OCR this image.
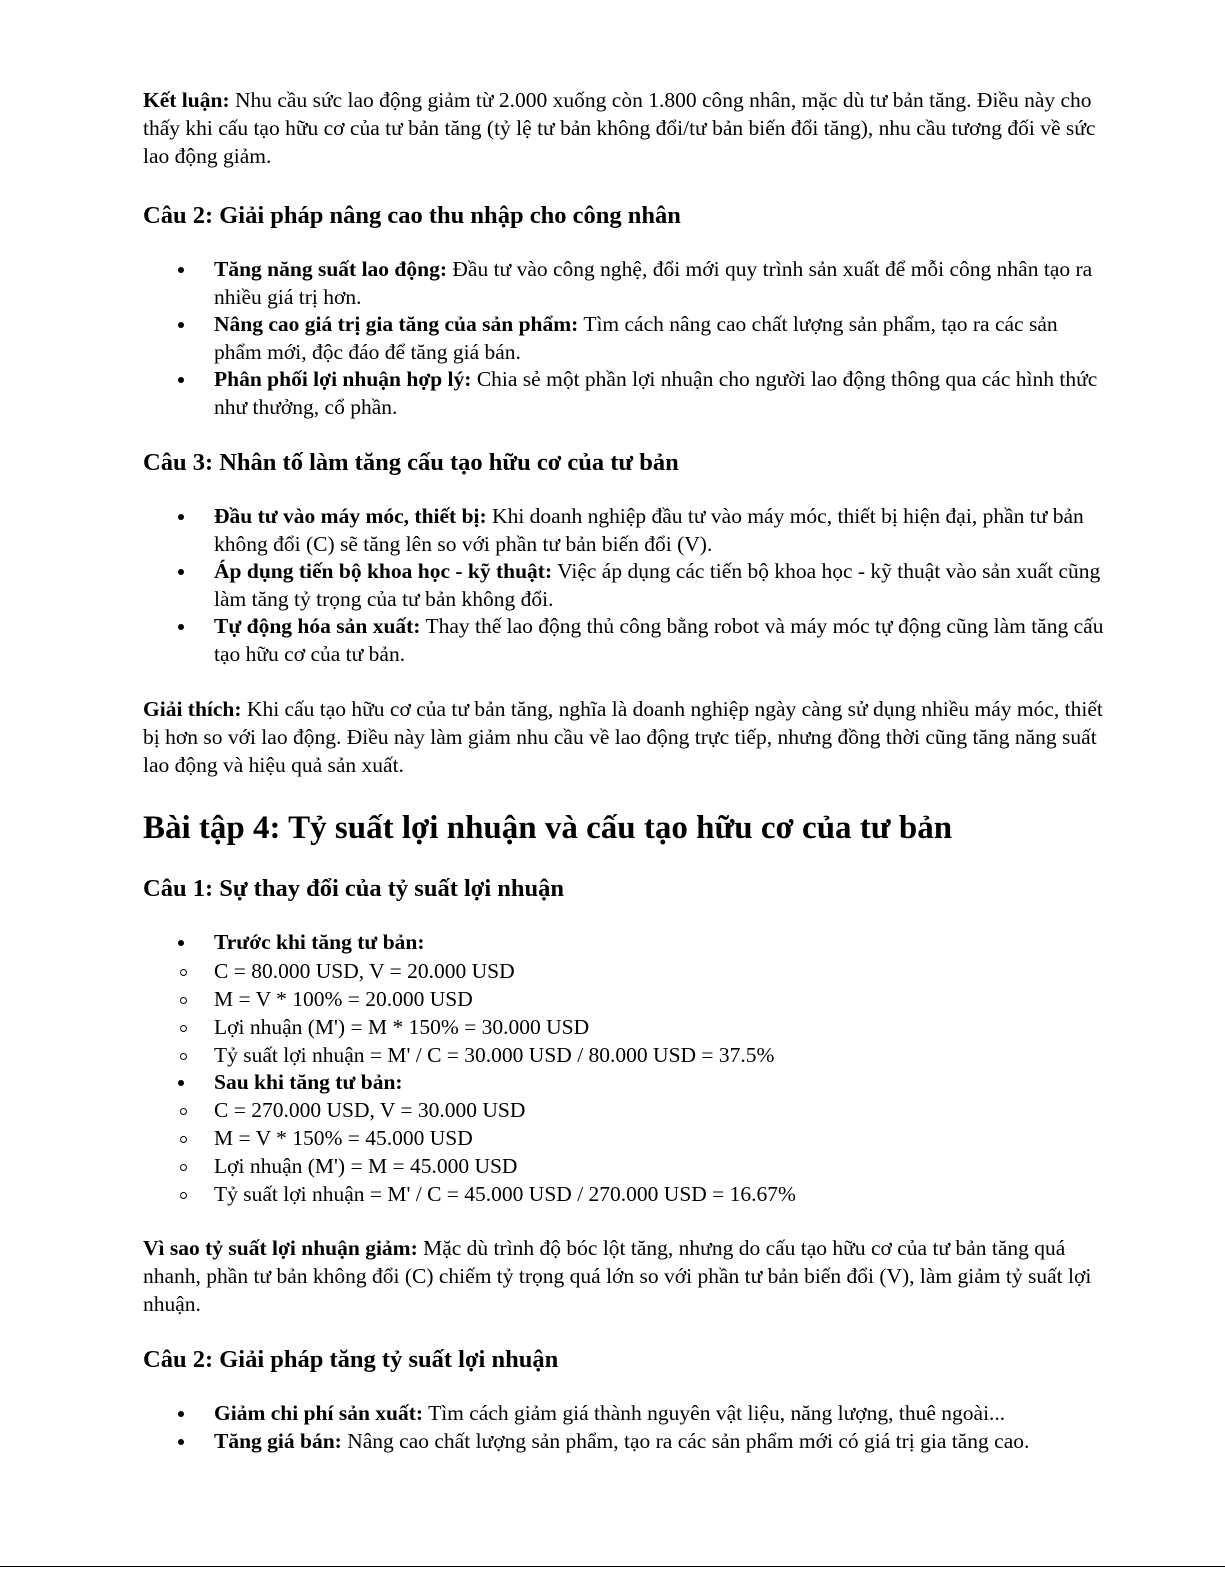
Kết luận: Nhu cầu sức lao động giảm từ 2.000 xuống còn 1.800 công nhân, mặc dù tư bản tăng. Điều này cho thấy khi cấu tạo hữu cơ của tư bản tăng (tỷ lệ tư bản không đổi/tư bản biến đổi tăng), nhu cầu tương đối về sức lao động giảm.

Câu 2: Giải pháp nâng cao thu nhập cho công nhân
Tăng năng suất lao động: Đầu tư vào công nghệ, đổi mới quy trình sản xuất để mỗi công nhân tạo ra nhiều giá trị hơn.
Nâng cao giá trị gia tăng của sản phẩm: Tìm cách nâng cao chất lượng sản phẩm, tạo ra các sản phẩm mới, độc đáo để tăng giá bán.
Phân phối lợi nhuận hợp lý: Chia sẻ một phần lợi nhuận cho người lao động thông qua các hình thức như thưởng, cổ phần.
Câu 3: Nhân tố làm tăng cấu tạo hữu cơ của tư bản
Đầu tư vào máy móc, thiết bị: Khi doanh nghiệp đầu tư vào máy móc, thiết bị hiện đại, phần tư bản không đổi (C) sẽ tăng lên so với phần tư bản biến đổi (V).
Áp dụng tiến bộ khoa học - kỹ thuật: Việc áp dụng các tiến bộ khoa học - kỹ thuật vào sản xuất cũng làm tăng tỷ trọng của tư bản không đổi.
Tự động hóa sản xuất: Thay thế lao động thủ công bằng robot và máy móc tự động cũng làm tăng cấu tạo hữu cơ của tư bản.

Giải thích: Khi cấu tạo hữu cơ của tư bản tăng, nghĩa là doanh nghiệp ngày càng sử dụng nhiều máy móc, thiết bị hơn so với lao động. Điều này làm giảm nhu cầu về lao động trực tiếp, nhưng đồng thời cũng tăng năng suất lao động và hiệu quả sản xuất.

Bài tập 4: Tỷ suất lợi nhuận và cấu tạo hữu cơ của tư bản
Câu 1: Sự thay đổi của tỷ suất lợi nhuận
Trước khi tăng tư bản:
C = 80.000 USD, V = 20.000 USD
M = V * 100% = 20.000 USD
Lợi nhuận (M') = M * 150% = 30.000 USD
Tỷ suất lợi nhuận = M' / C = 30.000 USD / 80.000 USD = 37.5%
Sau khi tăng tư bản:
C = 270.000 USD, V = 30.000 USD
M = V * 150% = 45.000 USD
Lợi nhuận (M') = M = 45.000 USD
Tỷ suất lợi nhuận = M' / C = 45.000 USD / 270.000 USD = 16.67%

Vì sao tỷ suất lợi nhuận giảm: Mặc dù trình độ bóc lột tăng, nhưng do cấu tạo hữu cơ của tư bản tăng quá nhanh, phần tư bản không đổi (C) chiếm tỷ trọng quá lớn so với phần tư bản biến đổi (V), làm giảm tỷ suất lợi nhuận.

Câu 2: Giải pháp tăng tỷ suất lợi nhuận
Giảm chi phí sản xuất: Tìm cách giảm giá thành nguyên vật liệu, năng lượng, thuê ngoài...
Tăng giá bán: Nâng cao chất lượng sản phẩm, tạo ra các sản phẩm mới có giá trị gia tăng cao.
